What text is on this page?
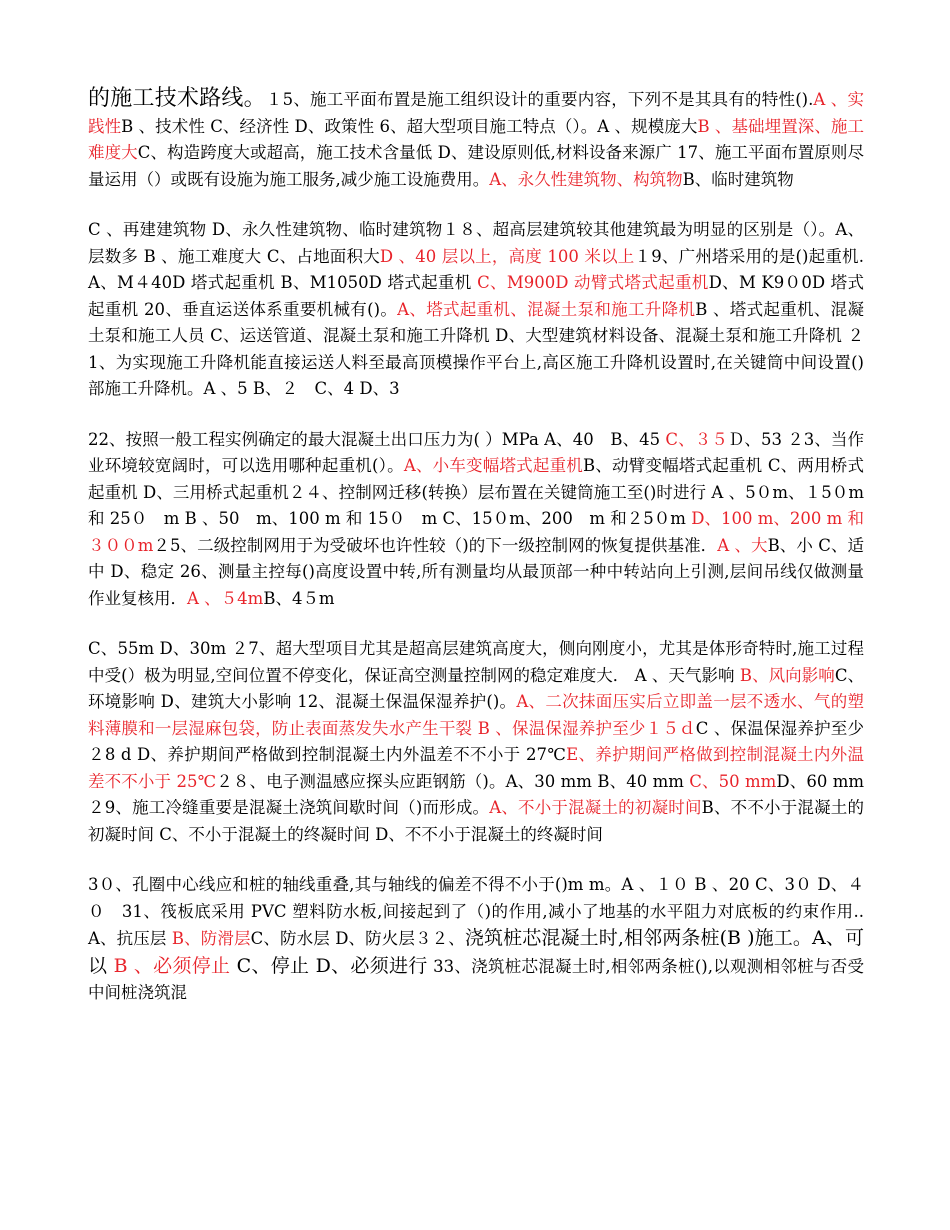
的施工技术路线。１5、施工平面布置是施工组织设计的重要内容，下列不是其具有的特性().A 、实践性B 、技术性 C、经济性 D、政策性 6、超大型项目施工特点（）。A 、规模庞大B 、基础埋置深、施工难度大C、构造跨度大或超高，施工技术含量低 D、建设原则低,材料设备来源广 17、施工平面布置原则尽量运用（）或既有设施为施工服务,减少施工设施费用。A、永久性建筑物、构筑物B、临时建筑物

C 、再建建筑物 D、永久性建筑物、临时建筑物１８、超高层建筑较其他建筑最为明显的区别是（）。A、层数多 B 、施工难度大 C、占地面积大D 、40 层以上，高度 100 米以上１9、广州塔采用的是()起重机.A、M４40D 塔式起重机 B、M1050D 塔式起重机 C、M900D 动臂式塔式起重机D、M K9０0D 塔式起重机 20、垂直运送体系重要机械有()。A、塔式起重机、混凝土泵和施工升降机B 、塔式起重机、混凝土泵和施工人员 C、运送管道、混凝土泵和施工升降机 D、大型建筑材料设备、混凝土泵和施工升降机 ２1、为实现施工升降机能直接运送人料至最高顶模操作平台上,高区施工升降机设置时,在关键筒中间设置()部施工升降机。A 、5 B、２　C、4 D、3

22、按照一般工程实例确定的最大混凝土出口压力为( ）MPa A、40　B、45 C、３５Ｄ、53 ２3、当作业环境较宽阔时，可以选用哪种起重机(）。A、小车变幅塔式起重机B、动臂变幅塔式起重机 C、两用桥式起重机 D、三用桥式起重机２４、控制网迁移(转换）层布置在关键筒施工至()时进行 A 、5０m、１5０m 和 25０　m B 、50　m、100 m 和 15０　m C、15０m、200　m 和２5０m D、100 m、200 m 和３００m２5、二级控制网用于为受破坏也许性较（)的下一级控制网的恢复提供基准．A 、大B、小 C、适中 D、稳定 26、测量主控每()高度设置中转,所有测量均从最顶部一种中转站向上引测,层间吊线仅做测量作业复核用．A 、５4mB、4５m

C、55m D、30m ２7、超大型项目尤其是超高层建筑高度大，侧向刚度小，尤其是体形奇特时,施工过程中受(）极为明显,空间位置不停变化，保证高空测量控制网的稳定难度大． A 、天气影响 B、风向影响C、环境影响 D、建筑大小影响 12、混凝土保温保湿养护()。A、二次抹面压实后立即盖一层不透水、气的塑料薄膜和一层湿麻包袋，防止表面蒸发失水产生干裂 B 、保温保湿养护至少１５ｄC 、保温保湿养护至少２8 d D、养护期间严格做到控制混凝土内外温差不不小于 27℃E、养护期间严格做到控制混凝土内外温差不不小于 25℃２８、电子测温感应探头应距钢筋（)。A、30 mm B、40 mm C、50 mmD、60 mm ２9、施工冷缝重要是混凝土浇筑间歇时间（)而形成。A、不小于混凝土的初凝时间B、不不小于混凝土的初凝时间 C、不小于混凝土的终凝时间 D、不不小于混凝土的终凝时间

3０、孔圈中心线应和桩的轴线重叠,其与轴线的偏差不得不小于()m m。A 、１０ B 、20 C、3０ D、４０　31、筏板底采用 PVC 塑料防水板,间接起到了（)的作用,减小了地基的水平阻力对底板的约束作用..　A、抗压层 B、防滑层C、防水层 D、防火层３２、浇筑桩芯混凝土时,相邻两条桩(B )施工。A、可以 B 、必须停止 C、停止 D、必须进行 33、浇筑桩芯混凝土时,相邻两条桩(),以观测相邻桩与否受中间桩浇筑混
